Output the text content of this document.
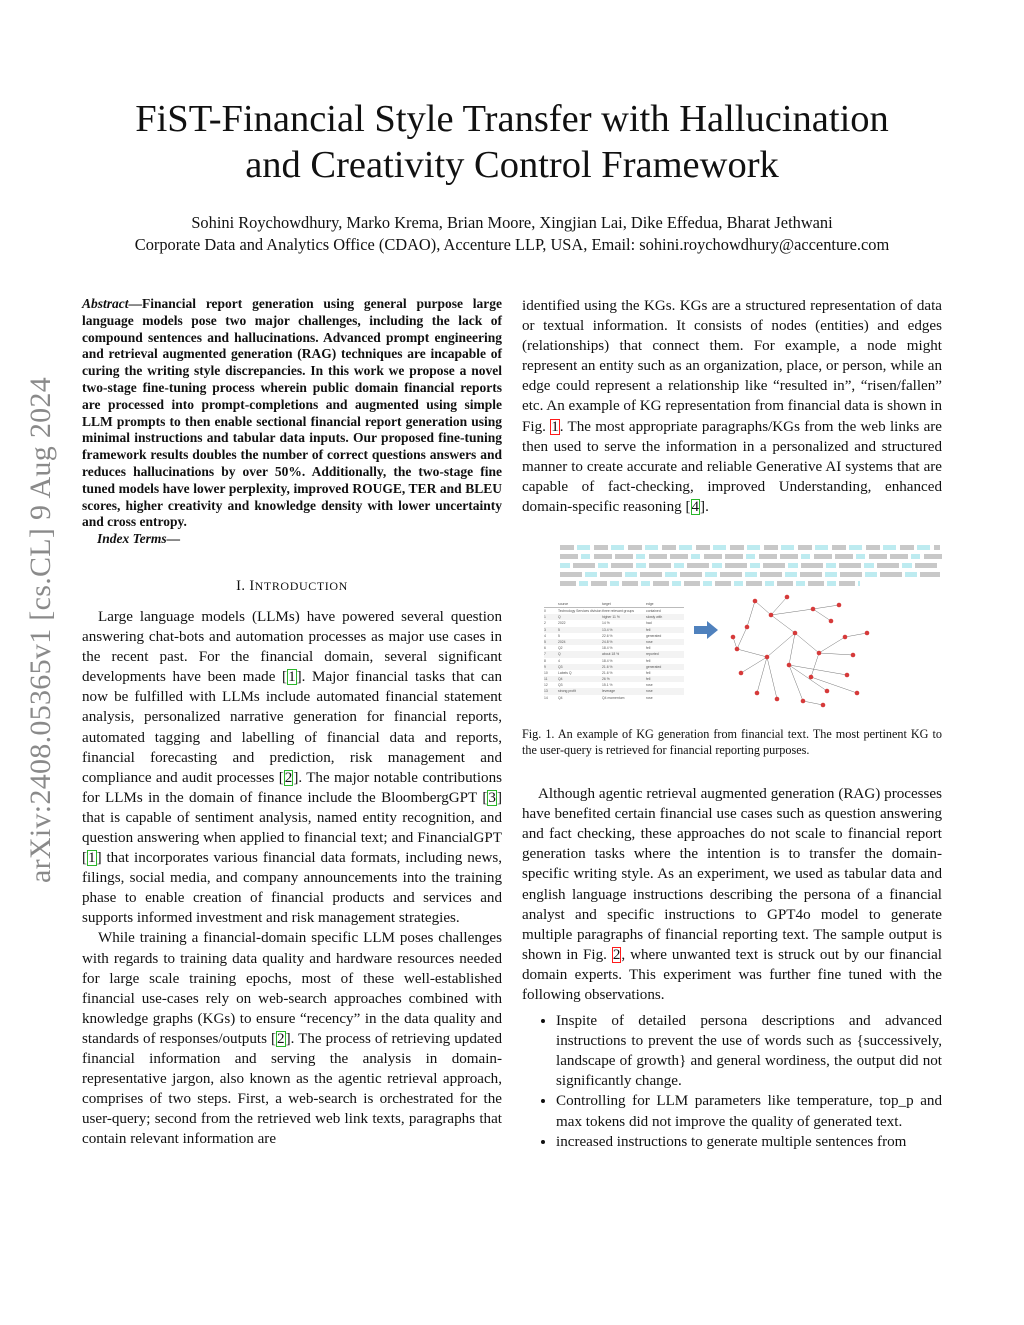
arXiv:2408.05365v1 [cs.CL] 9 Aug 2024
FiST-Financial Style Transfer with Hallucination
and Creativity Control Framework
Sohini Roychowdhury, Marko Krema, Brian Moore, Xingjian Lai, Dike Effedua, Bharat Jethwani
Corporate Data and Analytics Office (CDAO), Accenture LLP, USA, Email: sohini.roychowdhury@accenture.com

Abstract—Financial report generation using general purpose large language models pose two major challenges, including the lack of compound sentences and hallucinations. Advanced prompt engineering and retrieval augmented generation (RAG) techniques are incapable of curing the writing style discrepancies. In this work we propose a novel two-stage fine-tuning process wherein public domain financial reports are processed into prompt-completions and augmented using simple LLM prompts to then enable sectional financial report generation using minimal instructions and tabular data inputs. Our proposed fine-tuning framework results doubles the number of correct questions answers and reduces hallucinations by over 50%. Additionally, the two-stage fine tuned models have lower perplexity, improved ROUGE, TER and BLEU scores, higher creativity and knowledge density with lower uncertainty and cross entropy.

Index Terms—

I. INTRODUCTION

Large language models (LLMs) have powered several question answering chat-bots and automation processes as major use cases in the recent past. For the financial domain, several significant developments have been made [1]. Major financial tasks that can now be fulfilled with LLMs include automated financial statement analysis, personalized narrative generation for financial reports, automated tagging and labelling of financial data and reports, financial forecasting and prediction, risk management and compliance and audit processes [2]. The major notable contributions for LLMs in the domain of finance include the BloombergGPT [3] that is capable of sentiment analysis, named entity recognition, and question answering when applied to financial text; and FinancialGPT [1] that incorporates various financial data formats, including news, filings, social media, and company announcements into the training phase to enable creation of financial products and services and supports informed investment and risk management strategies.

While training a financial-domain specific LLM poses challenges with regards to training data quality and hardware resources needed for large scale training epochs, most of these well-established financial use-cases rely on web-search approaches combined with knowledge graphs (KGs) to ensure “recency” in the data quality and standards of responses/outputs [2]. The process of retrieving updated financial information and serving the analysis in domain-representative jargon, also known as the agentic retrieval approach, comprises of two steps. First, a web-search is orchestrated for the user-query; second from the retrieved web link texts, paragraphs that contain relevant information are

identified using the KGs. KGs are a structured representation of data or textual information. It consists of nodes (entities) and edges (relationships) that connect them. For example, a node might represent an entity such as an organization, place, or person, while an edge could represent a relationship like “resulted in”, “risen/fallen” etc. An example of KG representation from financial data is shown in Fig. 1. The most appropriate paragraphs/KGs from the web links are then used to serve the information in a personalized and structured manner to create accurate and reliable Generative AI systems that are capable of fact-checking, improved Understanding, enhanced domain-specific reasoning [4].

source	target	edge
0	Technology Services division three relevant groups	contained
1	Q	higher 11 %	slowly with
2	2022	14 %	had
3	5	13.4 %	fell
4	5	22.6 %	generated
5	2024	24.8 %	rose
6	Q2	18.4 %	fell
7	Q	about 18 %	reported
8	4	18.4 %	fell
9	Q3	21.6 %	generated
10	Labels Q	21.6 %	fell
11	Q4	26 %	fell
12	Q3	15.1 %	rose
13	strong profit	leverage	rose
14	Q4	Q4 momentum	rose

Fig. 1. An example of KG generation from financial text. The most pertinent KG to the user-query is retrieved for financial reporting purposes.

Although agentic retrieval augmented generation (RAG) processes have benefited certain financial use cases such as question answering and fact checking, these approaches do not scale to financial report generation tasks where the intention is to transfer the domain-specific writing style. As an experiment, we used as tabular data and english language instructions describing the persona of a financial analyst and specific instructions to GPT4o model to generate multiple paragraphs of financial reporting text. The sample output is shown in Fig. 2, where unwanted text is struck out by our financial domain experts. This experiment was further fine tuned with the following observations.

• Inspite of detailed persona descriptions and advanced instructions to prevent the use of words such as {successively, landscape of growth} and general wordiness, the output did not significantly change.
• Controlling for LLM parameters like temperature, top_p and max tokens did not improve the quality of generated text.
• increased instructions to generate multiple sentences from
